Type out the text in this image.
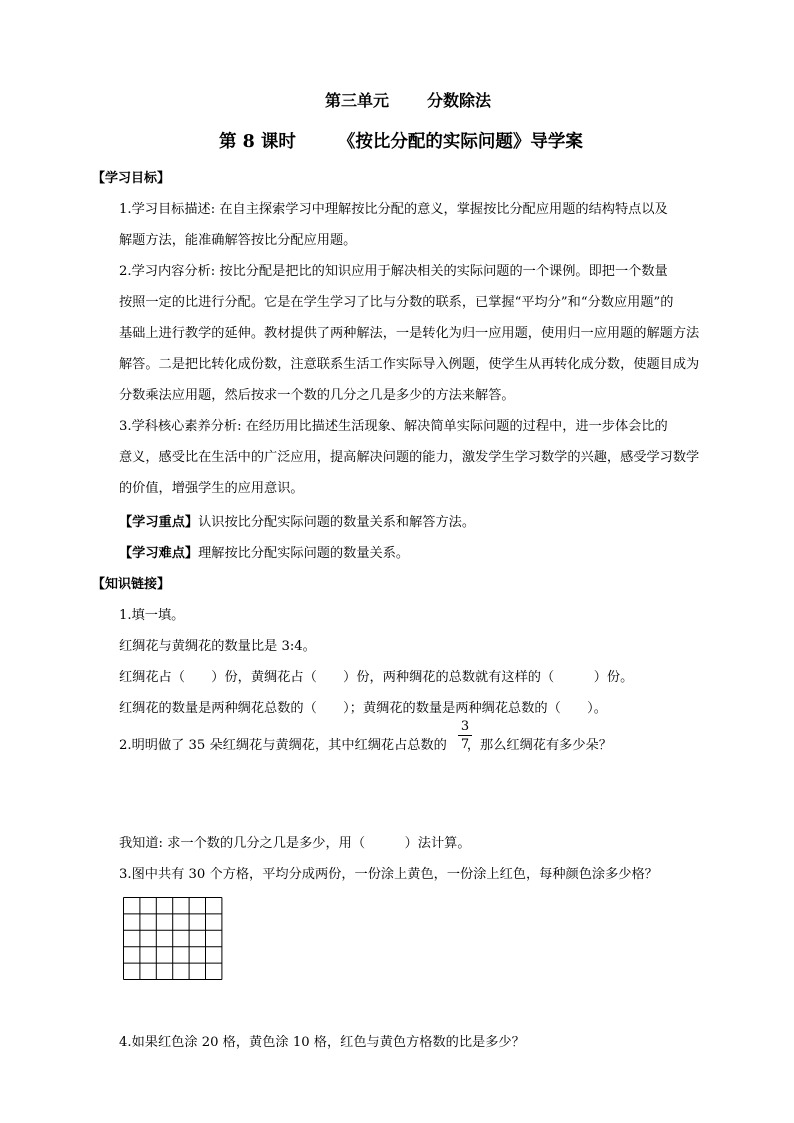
第三单元 分数除法
第 8 课时 《按比分配的实际问题》导学案
【学习目标】
1.学习目标描述: 在自主探索学习中理解按比分配的意义，掌握按比分配应用题的结构特点以及
解题方法，能准确解答按比分配应用题。
2.学习内容分析: 按比分配是把比的知识应用于解决相关的实际问题的一个课例。即把一个数量
按照一定的比进行分配。它是在学生学习了比与分数的联系，已掌握“平均分”和“分数应用题”的
基础上进行教学的延伸。教材提供了两种解法，一是转化为归一应用题，使用归一应用题的解题方法
解答。二是把比转化成份数，注意联系生活工作实际导入例题，使学生从再转化成分数，使题目成为
分数乘法应用题，然后按求一个数的几分之几是多少的方法来解答。
3.学科核心素养分析: 在经历用比描述生活现象、解决简单实际问题的过程中，进一步体会比的
意义，感受比在生活中的广泛应用，提高解决问题的能力，激发学生学习数学的兴趣，感受学习数学
的价值，增强学生的应用意识。
【学习重点】认识按比分配实际问题的数量关系和解答方法。
【学习难点】理解按比分配实际问题的数量关系。
【知识链接】
1.填一填。
红绸花与黄绸花的数量比是 3:4。
红绸花占（　　）份，黄绸花占（　　）份，两种绸花的总数就有这样的（　　　）份。
红绸花的数量是两种绸花总数的（　　）；黄绸花的数量是两种绸花总数的（　　）。
2.明明做了 35 朵红绸花与黄绸花，其中红绸花占总数的 ，那么红绸花有多少朵？
3
7
我知道: 求一个数的几分之几是多少，用（　　　）法计算。
3.图中共有 30 个方格，平均分成两份，一份涂上黄色，一份涂上红色，每种颜色涂多少格？
4.如果红色涂 20 格，黄色涂 10 格，红色与黄色方格数的比是多少？
